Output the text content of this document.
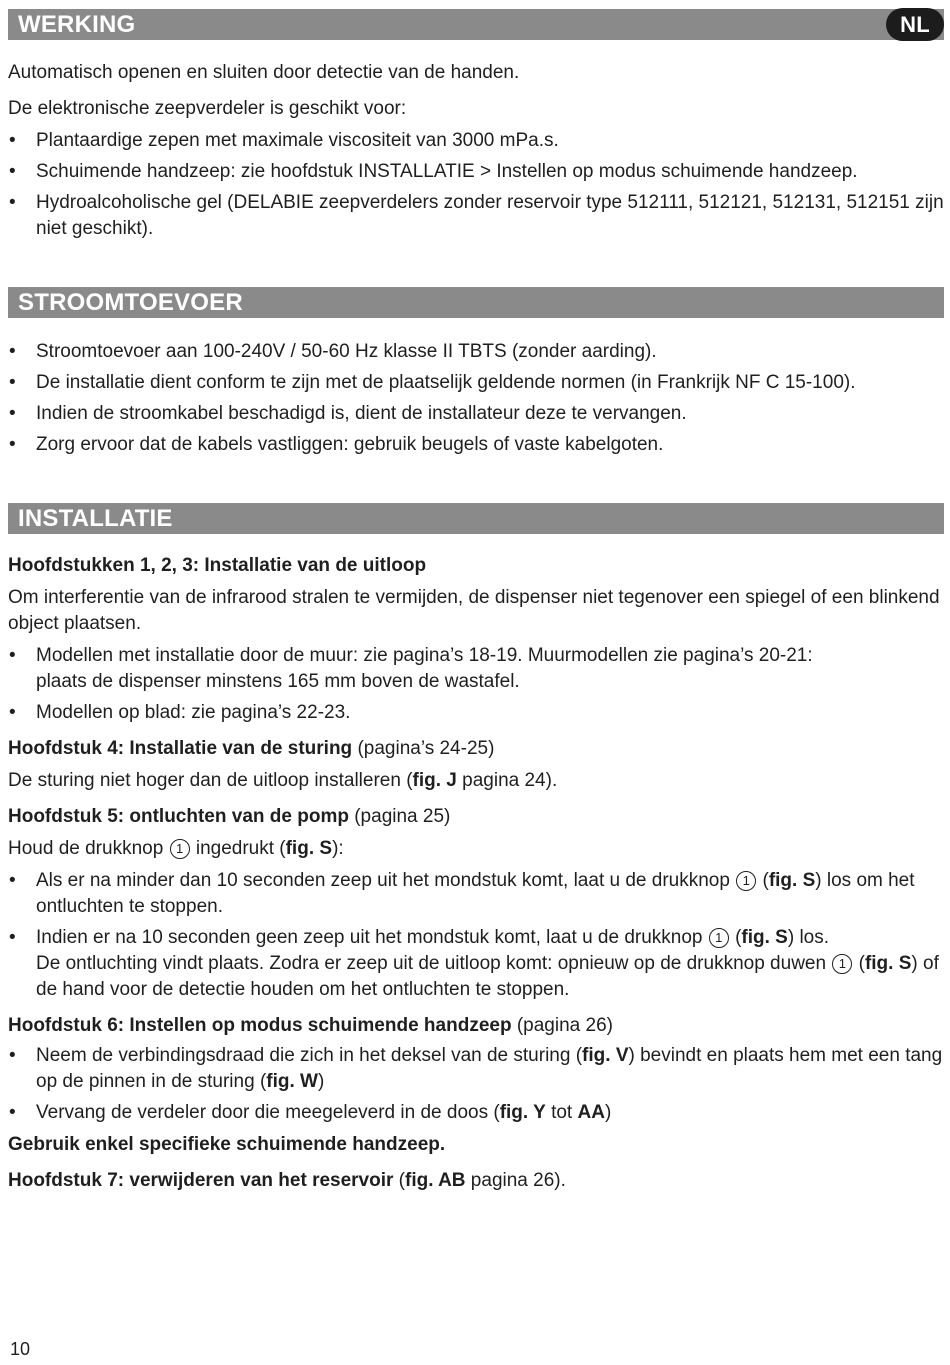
WERKING	NL

Automatisch openen en sluiten door detectie van de handen.

De elektronische zeepverdeler is geschikt voor:

• Plantaardige zepen met maximale viscositeit van 3000 mPa.s.
• Schuimende handzeep: zie hoofdstuk INSTALLATIE > Instellen op modus schuimende handzeep.
• Hydroalcoholische gel (DELABIE zeepverdelers zonder reservoir type 512111, 512121, 512131, 512151 zijn niet geschikt).
STROOMTOEVOER
• Stroomtoevoer aan 100-240V / 50-60 Hz klasse II TBTS (zonder aarding).
• De installatie dient conform te zijn met de plaatselijk geldende normen (in Frankrijk NF C 15-100).
• Indien de stroomkabel beschadigd is, dient de installateur deze te vervangen.
• Zorg ervoor dat de kabels vastliggen: gebruik beugels of vaste kabelgoten.
INSTALLATIE

Hoofdstukken 1, 2, 3: Installatie van de uitloop

Om interferentie van de infrarood stralen te vermijden, de dispenser niet tegenover een spiegel of een blinkend object plaatsen.

• Modellen met installatie door de muur: zie pagina’s 18-19. Muurmodellen zie pagina’s 20-21:
plaats de dispenser minstens 165 mm boven de wastafel.
• Modellen op blad: zie pagina’s 22-23.

Hoofdstuk 4: Installatie van de sturing (pagina’s 24-25)

De sturing niet hoger dan de uitloop installeren (fig. J pagina 24).

Hoofdstuk 5: ontluchten van de pomp (pagina 25)

Houd de drukknop 1 ingedrukt (fig. S):

• Als er na minder dan 10 seconden zeep uit het mondstuk komt, laat u de drukknop 1 (fig. S) los om het ontluchten te stoppen.
• Indien er na 10 seconden geen zeep uit het mondstuk komt, laat u de drukknop 1 (fig. S) los.
De ontluchting vindt plaats. Zodra er zeep uit de uitloop komt: opnieuw op de drukknop duwen 1 (fig. S) of de hand voor de detectie houden om het ontluchten te stoppen.

Hoofdstuk 6: Instellen op modus schuimende handzeep (pagina 26)

• Neem de verbindingsdraad die zich in het deksel van de sturing (fig. V) bevindt en plaats hem met een tang op de pinnen in de sturing (fig. W)
• Vervang de verdeler door die meegeleverd in de doos (fig. Y tot AA)

Gebruik enkel specifieke schuimende handzeep.

Hoofdstuk 7: verwijderen van het reservoir (fig. AB pagina 26).

10
